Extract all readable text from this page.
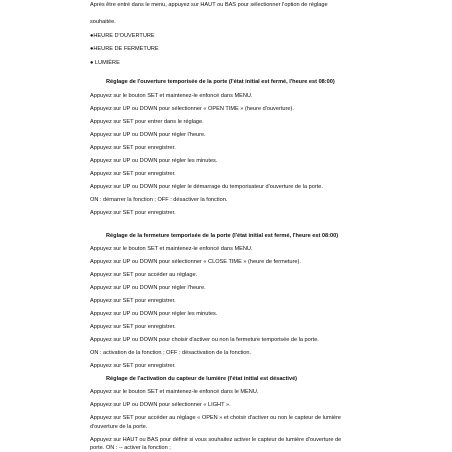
Après être entré dans le menu, appuyez sur HAUT ou BAS pour sélectionner l'option de réglage

souhaitée.

●HEURE D'OUVERTURE

●HEURE DE FERMETURE

● LUMIÈRE

Réglage de l'ouverture temporisée de la porte (l'état initial est fermé, l'heure est 08:00)

Appuyez sur le bouton SET et maintenez-le enfoncé dans MENU.

Appuyez sur UP ou DOWN pour sélectionner « OPEN TIME » (heure d'ouverture).

Appuyez sur SET pour entrer dans le réglage.

Appuyez sur UP ou DOWN pour régler l'heure.

Appuyez sur SET pour enregistrer.

Appuyez sur UP ou DOWN pour régler les minutes.

Appuyez sur SET pour enregistrer.

Appuyez sur UP ou DOWN pour régler le démarrage du temporisateur d'ouverture de la porte.

ON : démarrer la fonction ; OFF : désactiver la fonction.

Appuyez sur SET pour enregistrer.

Réglage de la fermeture temporisée de la porte (l'état initial est fermé, l'heure est 08:00)

Appuyez sur le bouton SET et maintenez-le enfoncé dans MENU.

Appuyez sur UP ou DOWN pour sélectionner « CLOSE TIME » (heure de fermeture).

Appuyez sur SET pour accéder au réglage.

Appuyez sur UP ou DOWN pour régler l'heure.

Appuyez sur SET pour enregistrer.

Appuyez sur UP ou DOWN pour régler les minutes.

Appuyez sur SET pour enregistrer.

Appuyez sur UP ou DOWN pour choisir d'activer ou non la fermeture temporisée de la porte.

ON : activation de la fonction ; OFF : désactivation de la fonction.

Appuyez sur SET pour enregistrer.

Réglage de l'activation du capteur de lumière (l'état initial est désactivé)

Appuyez sur le bouton SET et maintenez-le enfoncé dans le MENU.

Appuyez sur UP ou DOWN pour sélectionner « LIGHT ».

Appuyez sur SET pour accéder au réglage « OPEN » et choisir d'activer ou non le capteur de lumière

d'ouverture de la porte.

Appuyez sur HAUT ou BAS pour définir si vous souhaitez activer le capteur de lumière d'ouverture de

porte. ON : -- activer la fonction ;
